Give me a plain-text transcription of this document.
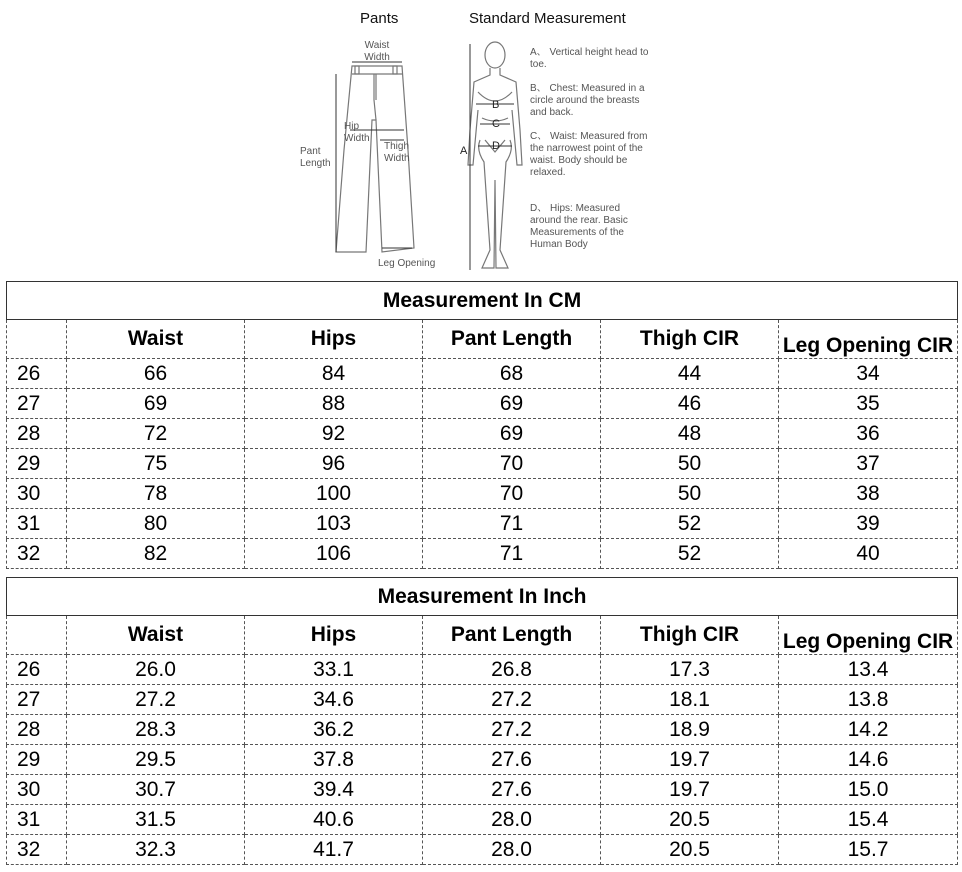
Pants	Standard Measurement
Waist Width
Hip Width
Thigh Width
Pant Length
Leg Opening
B
C
D
A
A、 Vertical height head to toe.
B、 Chest: Measured in a circle around the breasts and back.
C、 Waist: Measured from the narrowest point of the waist. Body should be relaxed.
D、 Hips: Measured around the rear. Basic Measurements of the Human Body
Measurement In CM					
	Waist	Hips	Pant Length	Thigh CIR	Leg Opening CIR
26	66	84	68	44	34
27	69	88	69	46	35
28	72	92	69	48	36
29	75	96	70	50	37
30	78	100	70	50	38
31	80	103	71	52	39
32	82	106	71	52	40
Measurement In Inch					
	Waist	Hips	Pant Length	Thigh CIR	Leg Opening CIR
26	26.0	33.1	26.8	17.3	13.4
27	27.2	34.6	27.2	18.1	13.8
28	28.3	36.2	27.2	18.9	14.2
29	29.5	37.8	27.6	19.7	14.6
30	30.7	39.4	27.6	19.7	15.0
31	31.5	40.6	28.0	20.5	15.4
32	32.3	41.7	28.0	20.5	15.7
